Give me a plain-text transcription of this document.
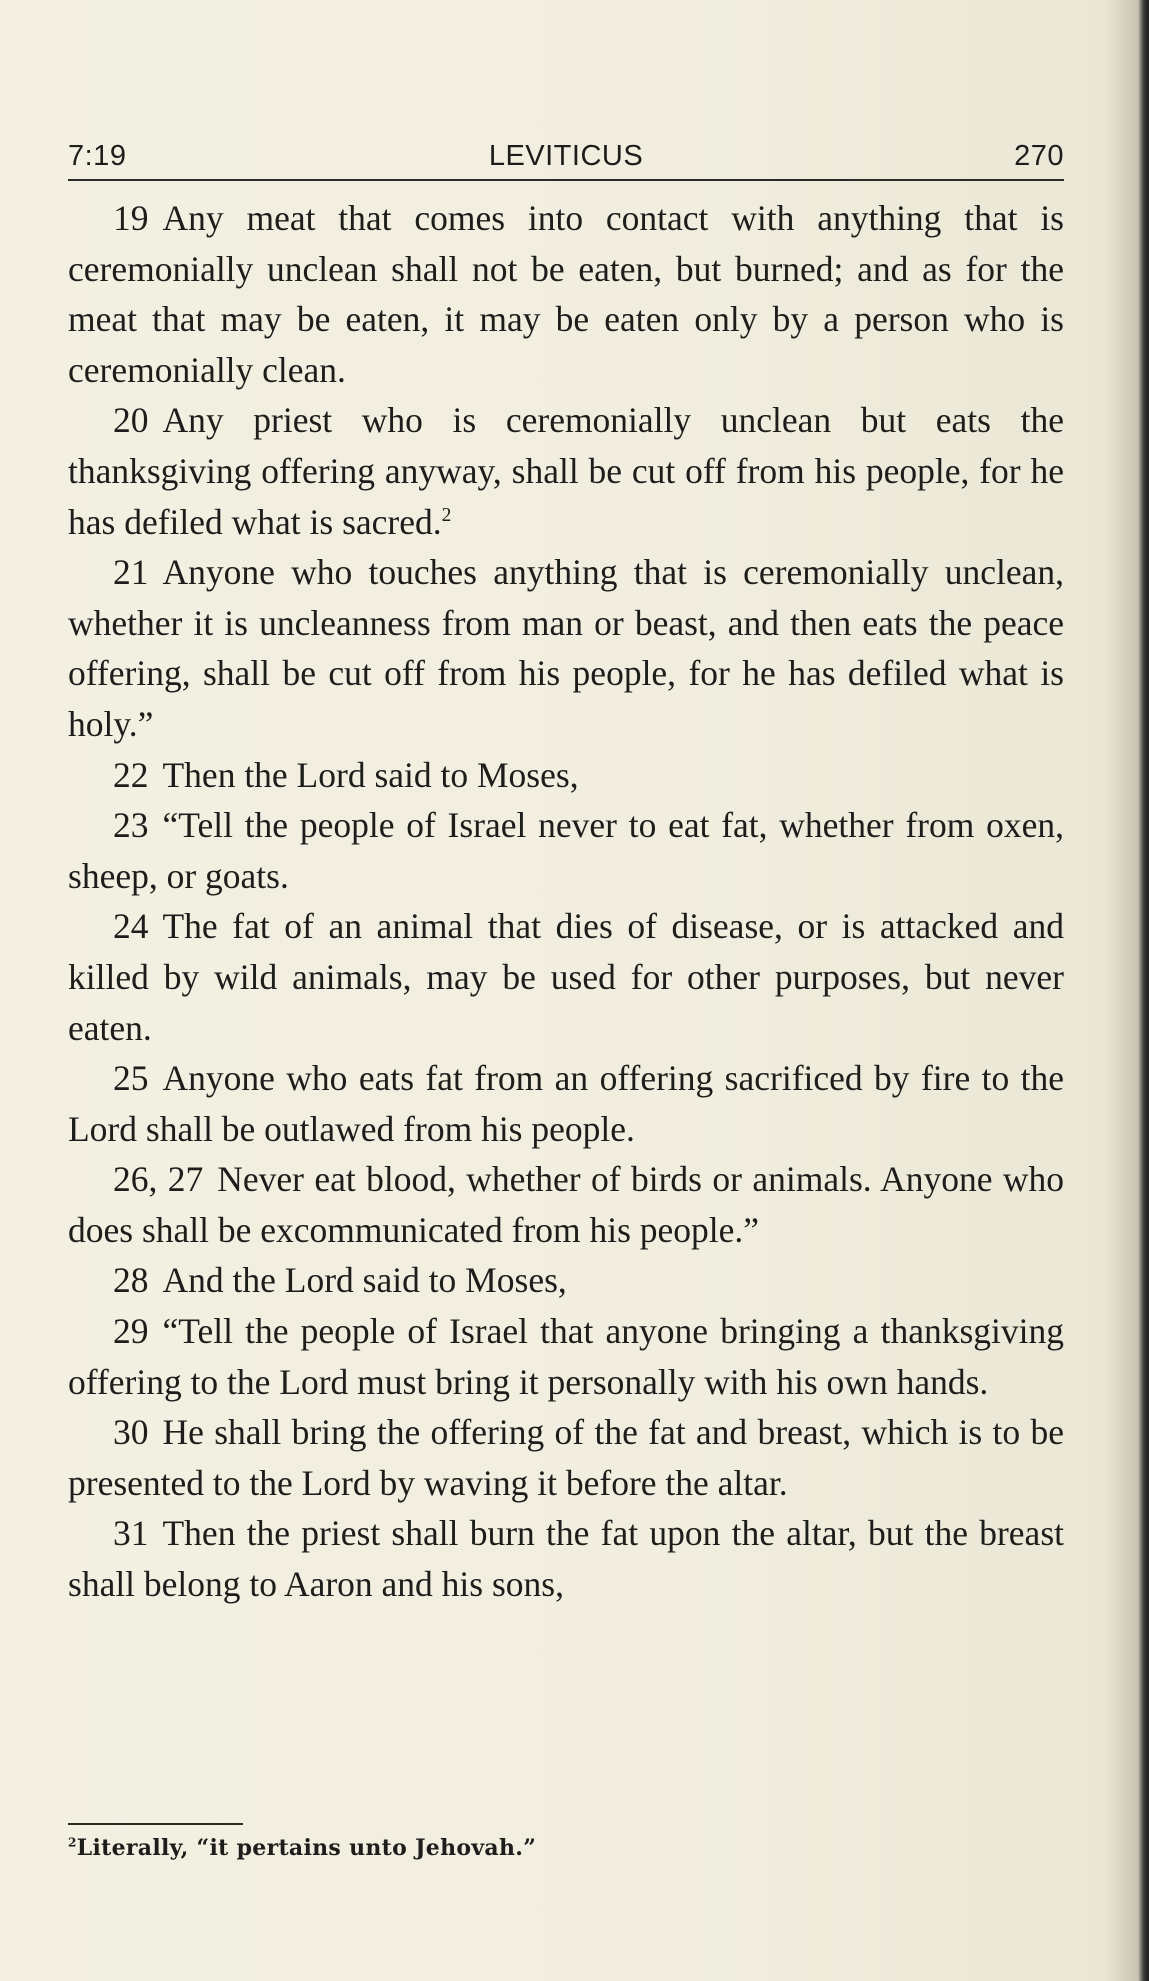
7:19	LEVITICUS	270

19 Any meat that comes into contact with anything that is ceremonially unclean shall not be eaten, but burned; and as for the meat that may be eaten, it may be eaten only by a person who is ceremonially clean.

20 Any priest who is ceremonially unclean but eats the thanksgiving offering anyway, shall be cut off from his people, for he has defiled what is sacred.$^2$

21 Anyone who touches anything that is ceremonially unclean, whether it is uncleanness from man or beast, and then eats the peace offering, shall be cut off from his people, for he has defiled what is holy.”

22 Then the Lord said to Moses,

23 “Tell the people of Israel never to eat fat, whether from oxen, sheep, or goats.

24 The fat of an animal that dies of disease, or is attacked and killed by wild animals, may be used for other purposes, but never eaten.

25 Anyone who eats fat from an offering sacrificed by fire to the Lord shall be outlawed from his people.

26, 27 Never eat blood, whether of birds or animals. Anyone who does shall be excommunicated from his people.”

28 And the Lord said to Moses,

29 “Tell the people of Israel that anyone bringing a thanksgiving offering to the Lord must bring it personally with his own hands.

30 He shall bring the offering of the fat and breast, which is to be presented to the Lord by waving it before the altar.

31 Then the priest shall burn the fat upon the altar, but the breast shall belong to Aaron and his sons,

$^2$Literally, “it pertains unto Jehovah.”
